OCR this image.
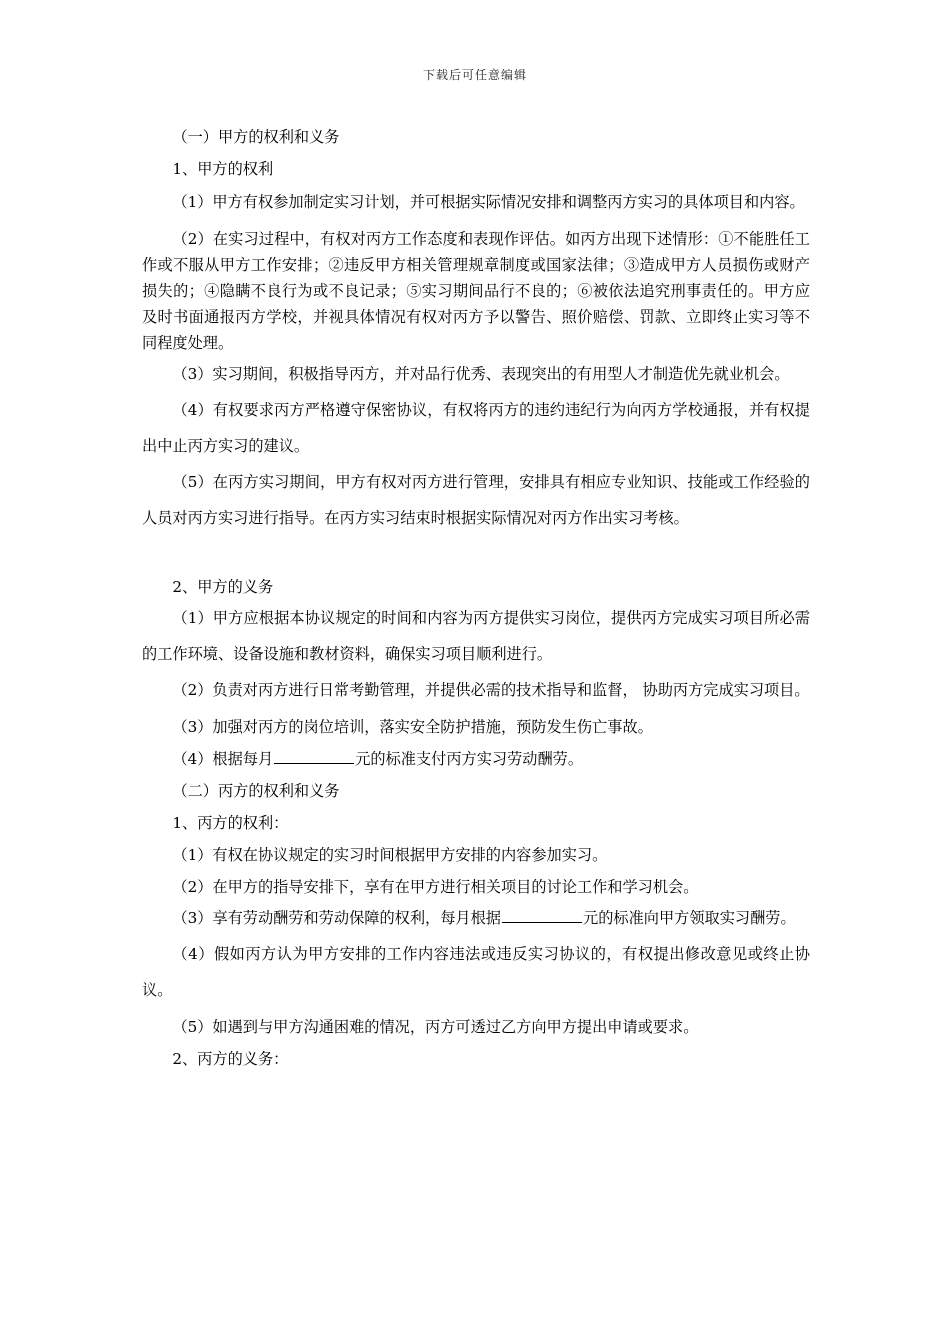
下载后可任意编辑

（一）甲方的权利和义务

1、甲方的权利

（1）甲方有权参加制定实习计划，并可根据实际情况安排和调整丙方实习的具体项目和内容。

（2）在实习过程中，有权对丙方工作态度和表现作评估。如丙方出现下述情形：①不能胜任工作或不服从甲方工作安排；②违反甲方相关管理规章制度或国家法律；③造成甲方人员损伤或财产损失的；④隐瞒不良行为或不良记录；⑤实习期间品行不良的；⑥被依法追究刑事责任的。甲方应及时书面通报丙方学校，并视具体情况有权对丙方予以警告、照价赔偿、罚款、立即终止实习等不同程度处理。

（3）实习期间，积极指导丙方，并对品行优秀、表现突出的有用型人才制造优先就业机会。

（4）有权要求丙方严格遵守保密协议，有权将丙方的违约违纪行为向丙方学校通报，并有权提出中止丙方实习的建议。

（5）在丙方实习期间，甲方有权对丙方进行管理，安排具有相应专业知识、技能或工作经验的人员对丙方实习进行指导。在丙方实习结束时根据实际情况对丙方作出实习考核。

2、甲方的义务

（1）甲方应根据本协议规定的时间和内容为丙方提供实习岗位，提供丙方完成实习项目所必需的工作环境、设备设施和教材资料，确保实习项目顺利进行。

（2）负责对丙方进行日常考勤管理，并提供必需的技术指导和监督， 协助丙方完成实习项目。

（3）加强对丙方的岗位培训，落实安全防护措施，预防发生伤亡事故。

（4）根据每月	元的标准支付丙方实习劳动酬劳。

（二）丙方的权利和义务

1、丙方的权利：

（1）有权在协议规定的实习时间根据甲方安排的内容参加实习。

（2）在甲方的指导安排下，享有在甲方进行相关项目的讨论工作和学习机会。

（3）享有劳动酬劳和劳动保障的权利，每月根据	元的标准向甲方领取实习酬劳。

（4）假如丙方认为甲方安排的工作内容违法或违反实习协议的，有权提出修改意见或终止协议。

（5）如遇到与甲方沟通困难的情况，丙方可透过乙方向甲方提出申请或要求。

2、丙方的义务：
